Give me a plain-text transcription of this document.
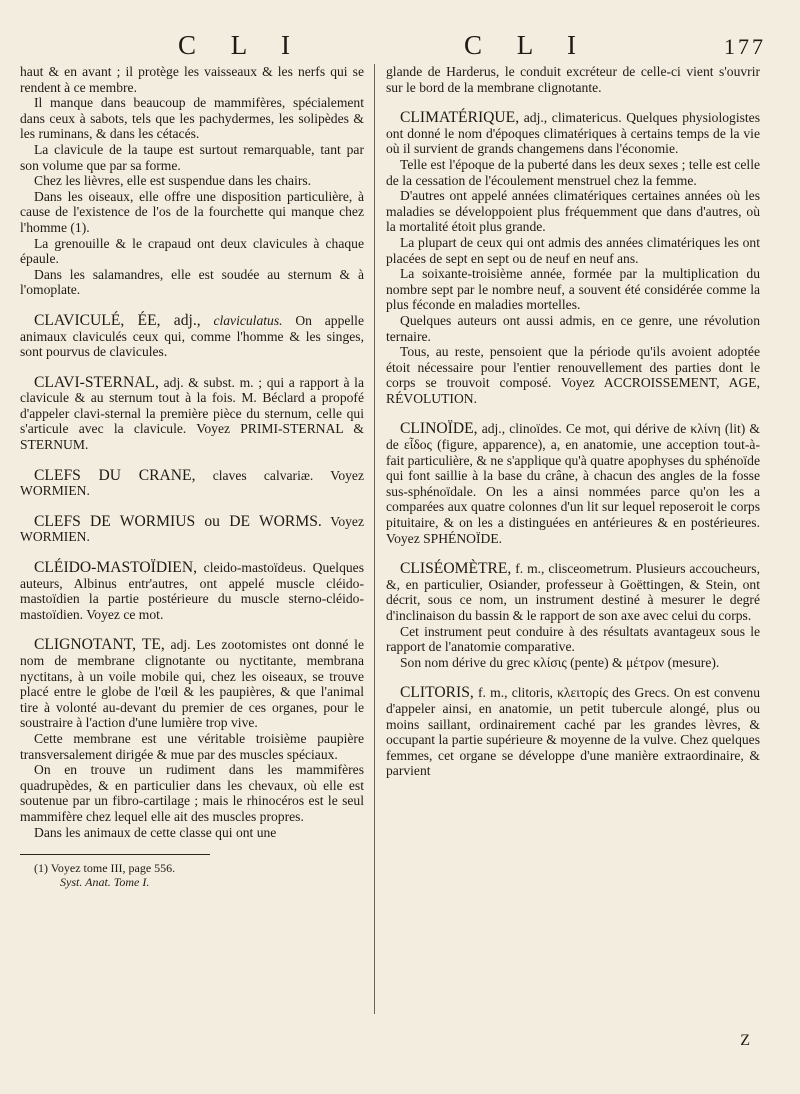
C L I	C L I	177

haut & en avant ; il protège les vaisseaux & les nerfs qui se rendent à ce membre.

Il manque dans beaucoup de mammifères, spécialement dans ceux à sabots, tels que les pachydermes, les solipèdes & les ruminans, & dans les cétacés.

La clavicule de la taupe est surtout remarquable, tant par son volume que par sa forme.

Chez les lièvres, elle est suspendue dans les chairs.

Dans les oiseaux, elle offre une disposition particulière, à cause de l'existence de l'os de la fourchette qui manque chez l'homme (1).

La grenouille & le crapaud ont deux clavicules à chaque épaule.

Dans les salamandres, elle est soudée au sternum & à l'omoplate.

CLAVICULÉ, ÉE, adj., claviculatus. On appelle animaux claviculés ceux qui, comme l'homme & les singes, sont pourvus de clavicules.

CLAVI-STERNAL, adj. & subst. m. ; qui a rapport à la clavicule & au sternum tout à la fois. M. Béclard a propofé d'appeler clavi-sternal la première pièce du sternum, celle qui s'articule avec la clavicule. Voyez PRIMI-STERNAL & STERNUM.

CLEFS DU CRANE, claves calvariæ. Voyez WORMIEN.

CLEFS DE WORMIUS ou DE WORMS. Voyez WORMIEN.

CLÉIDO-MASTOÏDIEN, cleido-mastoïdeus. Quelques auteurs, Albinus entr'autres, ont appelé muscle cléido-mastoïdien la partie postérieure du muscle sterno-cléido-mastoïdien. Voyez ce mot.

CLIGNOTANT, TE, adj. Les zootomistes ont donné le nom de membrane clignotante ou nyctitante, membrana nyctitans, à un voile mobile qui, chez les oiseaux, se trouve placé entre le globe de l'œil & les paupières, & que l'animal tire à volonté au-devant du premier de ces organes, pour le soustraire à l'action d'une lumière trop vive.

Cette membrane est une véritable troisième paupière transversalement dirigée & mue par des muscles spéciaux.

On en trouve un rudiment dans les mammifères quadrupèdes, & en particulier dans les chevaux, où elle est soutenue par un fibro-cartilage ; mais le rhinocéros est le seul mammifère chez lequel elle ait des muscles propres.

Dans les animaux de cette classe qui ont une

(1) Voyez tome III, page 556.

Syst. Anat. Tome I.

glande de Harderus, le conduit excréteur de celle-ci vient s'ouvrir sur le bord de la membrane clignotante.

CLIMATÉRIQUE, adj., climatericus. Quelques physiologistes ont donné le nom d'époques climatériques à certains temps de la vie où il survient de grands changemens dans l'économie.

Telle est l'époque de la puberté dans les deux sexes ; telle est celle de la cessation de l'écoulement menstruel chez la femme.

D'autres ont appelé années climatériques certaines années où les maladies se développoient plus fréquemment que dans d'autres, où la mortalité étoit plus grande.

La plupart de ceux qui ont admis des années climatériques les ont placées de sept en sept ou de neuf en neuf ans.

La soixante-troisième année, formée par la multiplication du nombre sept par le nombre neuf, a souvent été considérée comme la plus féconde en maladies mortelles.

Quelques auteurs ont aussi admis, en ce genre, une révolution ternaire.

Tous, au reste, pensoient que la période qu'ils avoient adoptée étoit nécessaire pour l'entier renouvellement des parties dont le corps se trouvoit composé. Voyez ACCROISSEMENT, AGE, RÉVOLUTION.

CLINOÏDE, adj., clinoïdes. Ce mot, qui dérive de κλίνη (lit) & de εἶδος (figure, apparence), a, en anatomie, une acception tout-à-fait particulière, & ne s'applique qu'à quatre apophyses du sphénoïde qui font saillie à la base du crâne, à chacun des angles de la fosse sus-sphénoïdale. On les a ainsi nommées parce qu'on les a comparées aux quatre colonnes d'un lit sur lequel reposeroit le corps pituitaire, & on les a distinguées en antérieures & en postérieures. Voyez SPHÉNOÏDE.

CLISÉOMÈTRE, f. m., clisceometrum. Plusieurs accoucheurs, &, en particulier, Osiander, professeur à Goëttingen, & Stein, ont décrit, sous ce nom, un instrument destiné à mesurer le degré d'inclinaison du bassin & le rapport de son axe avec celui du corps.

Cet instrument peut conduire à des résultats avantageux sous le rapport de l'anatomie comparative.

Son nom dérive du grec κλίσις (pente) & μέτρον (mesure).

CLITORIS, f. m., clitoris, κλειτορίς des Grecs. On est convenu d'appeler ainsi, en anatomie, un petit tubercule alongé, plus ou moins saillant, ordinairement caché par les grandes lèvres, & occupant la partie supérieure & moyenne de la vulve. Chez quelques femmes, cet organe se développe d'une manière extraordinaire, & parvient

Z
